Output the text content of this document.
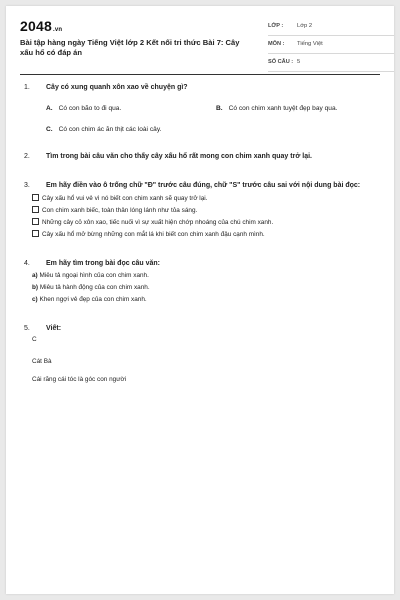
2048.vn
Bài tập hàng ngày Tiếng Việt lớp 2 Kết nối tri thức Bài 7: Cây xấu hổ có đáp án
LỚP : Lớp 2
MÔN : Tiếng Việt
SỐ CÂU : 5
1. Cây có xung quanh xôn xao về chuyện gì?
A. Có con bão to đi qua.	B. Có con chim xanh tuyệt đẹp bay qua.
C. Có con chim ác ăn thịt các loài cây.
2. Tìm trong bài câu văn cho thấy cây xấu hổ rất mong con chim xanh quay trở lại.
3. Em hãy điền vào ô trống chữ "Đ" trước câu đúng, chữ "S" trước câu sai với nội dung bài đọc:
Cây xấu hổ vui vẻ vì nó biết con chim xanh sẽ quay trở lại.
Con chim xanh biếc, toàn thân lóng lánh như tỏa sáng.
Những cây cỏ xôn xao, tiếc nuối vì sự xuất hiện chớp nhoáng của chú chim xanh.
Cây xấu hổ mở bừng những con mắt lá khi biết con chim xanh đậu cạnh mình.
4. Em hãy tìm trong bài đọc câu văn:
a) Miêu tả ngoại hình của con chim xanh.
b) Miêu tả hành động của con chim xanh.
c) Khen ngợi vẻ đẹp của con chim xanh.
5. Viết:
C
Cát Bà
Cái răng cái tóc là góc con người
